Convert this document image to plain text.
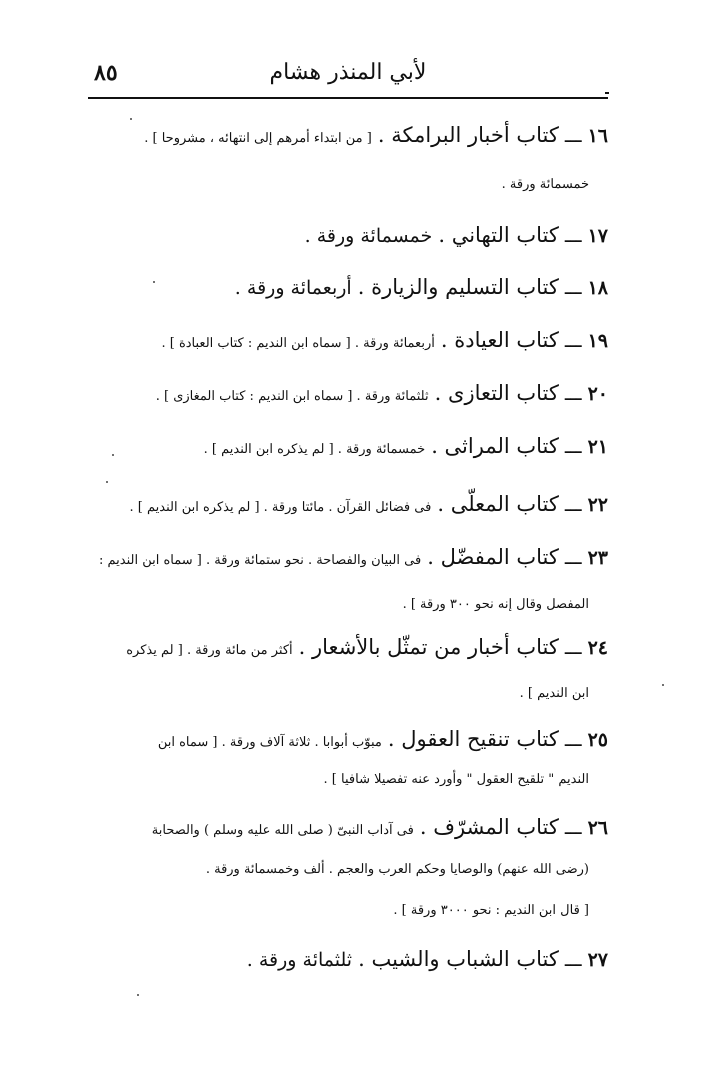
٨٥	لأبي المنذر هشام
١٦ـــكتاب أخبار البرامكة . [ من ابتداء أمرهم إلى انتهائه ، مشروحا ] .
خمسمائة ورقة .
١٧ـــكتاب التهاني . خمسمائة ورقة .
١٨ـــكتاب التسليم والزيارة . أربعمائة ورقة .
١٩ـــكتاب العيادة . أربعمائة ورقة . [ سماه ابن النديم : كتاب العبادة ] .
٢٠ـــكتاب التعازى . ثلثمائة ورقة . [ سماه ابن النديم : كتاب المغازى ] .
٢١ـــكتاب المراثى . خمسمائة ورقة . [ لم يذكره ابن النديم ] .
٢٢ـــكتاب المعلّى . فى فضائل القرآن . مائتا ورقة . [ لم يذكره ابن النديم ] .
٢٣ـــكتاب المفضّل . فى البيان والفصاحة . نحو ستمائة ورقة . [ سماه ابن النديم :
المفصل وقال إنه نحو ٣٠٠ ورقة ] .
٢٤ـــكتاب أخبار من تمثّل بالأشعار . أكثر من مائة ورقة . [ لم يذكره
ابن النديم ] .
٢٥ـــكتاب تنقيح العقول . مبوّب أبوابا . ثلاثة آلاف ورقة . [ سماه ابن
النديم " تلقيح العقول " وأورد عنه تفصيلا شافيا ] .
٢٦ـــكتاب المشرّف . فى آداب النبىّ ( صلى الله عليه وسلم ) والصحابة
(رضى الله عنهم) والوصايا وحكم العرب والعجم . ألف وخمسمائة ورقة .
[ قال ابن النديم : نحو ٣٠٠٠ ورقة ] .
٢٧ـــكتاب الشباب والشيب . ثلثمائة ورقة .
